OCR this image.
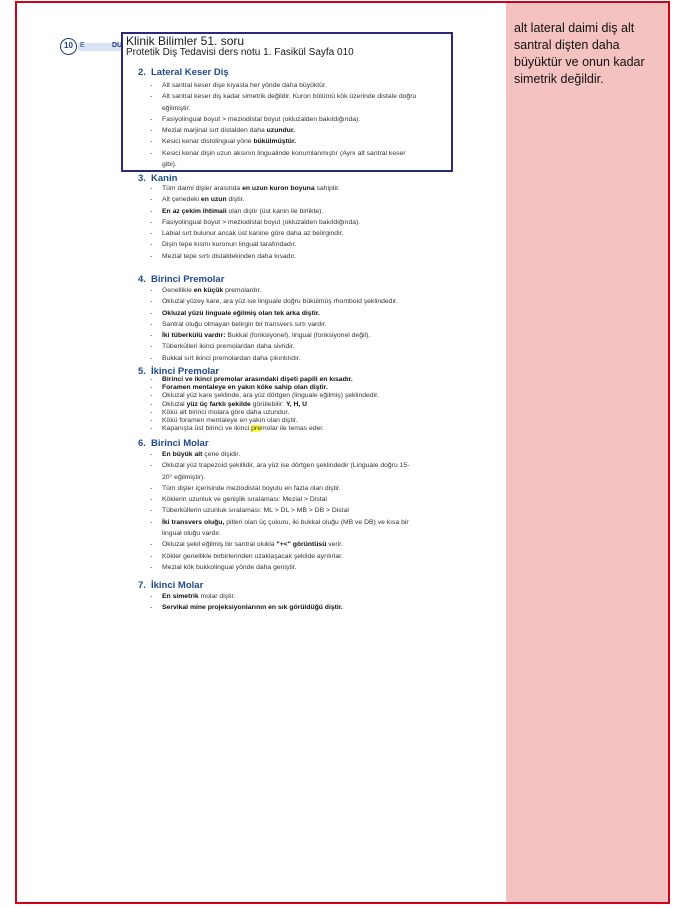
alt lateral daimi diş alt santral dişten daha büyüktür ve onun kadar simetrik değildir.
10	DU
E	Klinik Bilimler 51. soru
Protetik Diş Tedavisi ders notu 1. Fasikül Sayfa 010
2. Lateral Keser Diş
- Alt santral keser dişe kıyasla her yönde daha büyüktür.
- Alt santral keser diş kadar simetrik değildir. Kuron bölümü kök üzerinde distale doğru eğilmiştir.
- Fasiyolingual boyut > meziodistal boyut (okluzalden bakıldığında).
- Mezial marjinal sırt distalden daha uzundur.
- Kesici kenar distolingual yöne bükülmüştür.
- Kesici kenar dişin uzun aksının lingualinde konumlanmıştır (Aynı alt santral keser gibi).
3. Kanin
- Tüm daimi dişler arasında en uzun kuron boyuna sahiptir.
- Alt çenedeki en uzun diştir.
- En az çekim ihtimali olan diştir (üst kanin ile birlikte).
- Fasiyolingual boyut > meziodistal boyut (okluzalden bakıldığında).
- Labial sırt bulunur ancak üst kanine göre daha az belirgindir.
- Dişin tepe kısmı kuronun lingual tarafındadır.
- Mezial tepe sırtı distaldekinden daha kısadır.
4. Birinci Premolar
- Genellikle en küçük premolardır.
- Okluzal yüzey kare, ara yüz ise linguale doğru bükülmüş rhomboid şeklindedir.
- Okluzal yüzü linguale eğilmiş olan tek arka diştir.
- Santral oluğu olmayan belirgin bir transvers sırtı vardır.
- İki tüberkülü vardır: Bukkal (fonksiyonel), lingual (fonksiyonel değil).
- Tüberkülleri ikinci premolardan daha sivridir.
- Bukkal sırt ikinci premolardan daha çıkıntılıdır.
5. İkinci Premolar
- Birinci ve ikinci premolar arasındaki dişeti papili en kısadır.
- Foramen mentaleye en yakın köke sahip olan diştir.
- Okluzal yüz kare şeklinde, ara yüz dörtgen (linguale eğilmiş) şeklindedir.
- Okluzal yüz üç farklı şekilde görülebilir: Y, H, U
- Kökü alt birinci molara göre daha uzundur.
- Kökü foramen mentaleye en yakın olan diştir.
- Kapanışta üst birinci ve ikinci premolar ile temas eder.
6. Birinci Molar
- En büyük alt çene dişidir.
- Okluzal yüz trapezoid şekillidir, ara yüz ise dörtgen şeklindedir (Linguale doğru 15-20° eğilmiştir).
- Tüm dişler içerisinde meziodistal boyutu en fazla olan diştir.
- Köklerin uzunluk ve genişlik sıralaması: Mezial > Distal
- Tüberküllerin uzunluk sıralaması: ML > DL > MB > DB > Distal
- İki transvers oluğu, pitleri olan üç çukuru, iki bukkal oluğu (MB ve DB) ve kısa bir lingual oluğu vardır.
- Okluzal şekil eğilmiş bir santral olukla "+<" görüntüsü verir.
- Kökler genellikle birbirlerinden uzaklaşacak şekilde ayrılırlar.
- Mezial kök bukkolingual yönde daha geniştir.
7. İkinci Molar
- En simetrik molar diştir.
- Servikal mine projeksiyonlarının en sık görüldüğü diştir.
